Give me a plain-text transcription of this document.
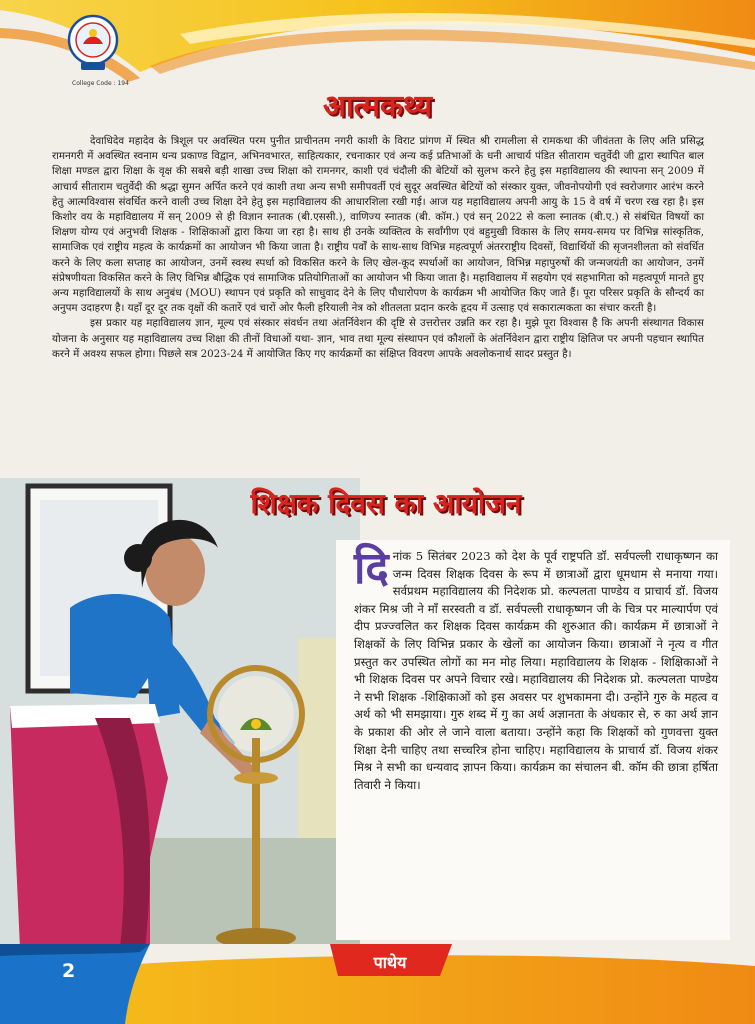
College Code : 194

आत्मकथ्य

देवाधिदेव महादेव के त्रिशूल पर अवस्थित परम पुनीत प्राचीनतम नगरी काशी के विराट प्रांगण में स्थित श्री रामलीला से रामकथा की जीवंतता के लिए अति प्रसिद्ध रामनगरी में अवस्थित स्वनाम धन्य प्रकाण्ड विद्वान, अभिनवभारत, साहित्यकार, रचनाकार एवं अन्य कई प्रतिभाओं के धनी आचार्य पंडित सीताराम चतुर्वेदी जी द्वारा स्थापित बाल शिक्षा मण्डल द्वारा शिक्षा के वृक्ष की सबसे बड़ी शाखा उच्च शिक्षा को रामनगर, काशी एवं चंदौली की बेटियों को सुलभ करने हेतु इस महाविद्यालय की स्थापना सन् 2009 में आचार्य सीताराम चतुर्वेदी की श्रद्धा सुमन अर्पित करने एवं काशी तथा अन्य सभी समीपवर्ती एवं सुदूर अवस्थित बेटियों को संस्कार युक्त, जीवनोपयोगी एवं स्वरोजगार आरंभ करने हेतु आत्मविश्वास संवर्धित करने वाली उच्च शिक्षा देने हेतु इस महाविद्यालय की आधारशिला रखी गई। आज यह महाविद्यालय अपनी आयु के 15 वे वर्ष में चरण रख रहा है। इस किशोर वय के महाविद्यालय में सन् 2009 से ही विज्ञान स्नातक (बी.एससी.), वाणिज्य स्नातक (बी. कॉम.) एवं सन् 2022 से कला स्नातक (बी.ए.) से संबंधित विषयों का शिक्षण योग्य एवं अनुभवी शिक्षक - शिक्षिकाओं द्वारा किया जा रहा है। साथ ही उनके व्यक्तित्व के सर्वांगीण एवं बहुमुखी विकास के लिए समय-समय पर विभिन्न सांस्कृतिक, सामाजिक एवं राष्ट्रीय महत्व के कार्यक्रमों का आयोजन भी किया जाता है। राष्ट्रीय पर्वों के साथ-साथ विभिन्न महत्वपूर्ण अंतरराष्ट्रीय दिवसों, विद्यार्थियों की सृजनशीलता को संवर्धित करने के लिए कला सप्ताह का आयोजन, उनमें स्वस्थ स्पर्धा को विकसित करने के लिए खेल-कूद स्पर्धाओं का आयोजन, विभिन्न महापुरुषों की जन्मजयंती का आयोजन, उनमें संप्रेषणीयता विकसित करने के लिए विभिन्न बौद्धिक एवं सामाजिक प्रतियोगिताओं का आयोजन भी किया जाता है। महाविद्यालय में सहयोग एवं सहभागिता को महत्वपूर्ण मानते हुए अन्य महाविद्यालयों के साथ अनुबंध (MOU) स्थापन एवं प्रकृति को साधुवाद देने के लिए पौधारोपण के कार्यक्रम भी आयोजित किए जाते हैं। पूरा परिसर प्रकृति के सौन्दर्य का अनुपम उदाहरण है। यहाँ दूर दूर तक वृक्षों की कतारें एवं चारों ओर फैली हरियाली नेत्र को शीतलता प्रदान करके हृदय में उत्साह एवं सकारात्मकता का संचार करती है।

इस प्रकार यह महाविद्यालय ज्ञान, मूल्य एवं संस्कार संवर्धन तथा अंतर्निवेशन की दृष्टि से उत्तरोत्तर उन्नति कर रहा है। मुझे पूरा विश्वास है कि अपनी संस्थागत विकास योजना के अनुसार यह महाविद्यालय उच्च शिक्षा की तीनों विधाओं यथा- ज्ञान, भाव तथा मूल्य संस्थापन एवं कौशलों के अंतर्निवेशन द्वारा राष्ट्रीय क्षितिज पर अपनी पहचान स्थापित करने में अवश्य सफल होगा। पिछले सत्र 2023-24 में आयोजित किए गए कार्यक्रमों का संक्षिप्त विवरण आपके अवलोकनार्थ सादर प्रस्तुत है।

शिक्षक दिवस का आयोजन

दिनांक 5 सितंबर 2023 को देश के पूर्व राष्ट्रपति डॉ. सर्वपल्ली राधाकृष्णन का जन्म दिवस शिक्षक दिवस के रूप में छात्राओं द्वारा धूमधाम से मनाया गया। सर्वप्रथम महाविद्यालय की निदेशक प्रो. कल्पलता पाण्डेय व प्राचार्य डॉ. विजय शंकर मिश्र जी ने माँ सरस्वती व डॉ. सर्वपल्ली राधाकृष्णन जी के चित्र पर माल्यार्पण एवं दीप प्रज्ज्वलित कर शिक्षक दिवस कार्यक्रम की शुरुआत की। कार्यक्रम में छात्राओं ने शिक्षकों के लिए विभिन्न प्रकार के खेलों का आयोजन किया। छात्राओं ने नृत्य व गीत प्रस्तुत कर उपस्थित लोगों का मन मोह लिया। महाविद्यालय के शिक्षक - शिक्षिकाओं ने भी शिक्षक दिवस पर अपने विचार रखे। महाविद्यालय की निदेशक प्रो. कल्पलता पाण्डेय ने सभी शिक्षक -शिक्षिकाओं को इस अवसर पर शुभकामना दी। उन्होंने गुरु के महत्व व अर्थ को भी समझाया। गुरु शब्द में गु का अर्थ अज्ञानता के अंधकार से, रु का अर्थ ज्ञान के प्रकाश की ओर ले जाने वाला बताया। उन्होंने कहा कि शिक्षकों को गुणवत्ता युक्त शिक्षा देनी चाहिए तथा सच्चरित्र होना चाहिए। महाविद्यालय के प्राचार्य डॉ. विजय शंकर मिश्र ने सभी का धन्यवाद ज्ञापन किया। कार्यक्रम का संचालन बी. कॉम की छात्रा हर्षिता तिवारी ने किया।

2	पाथेय
